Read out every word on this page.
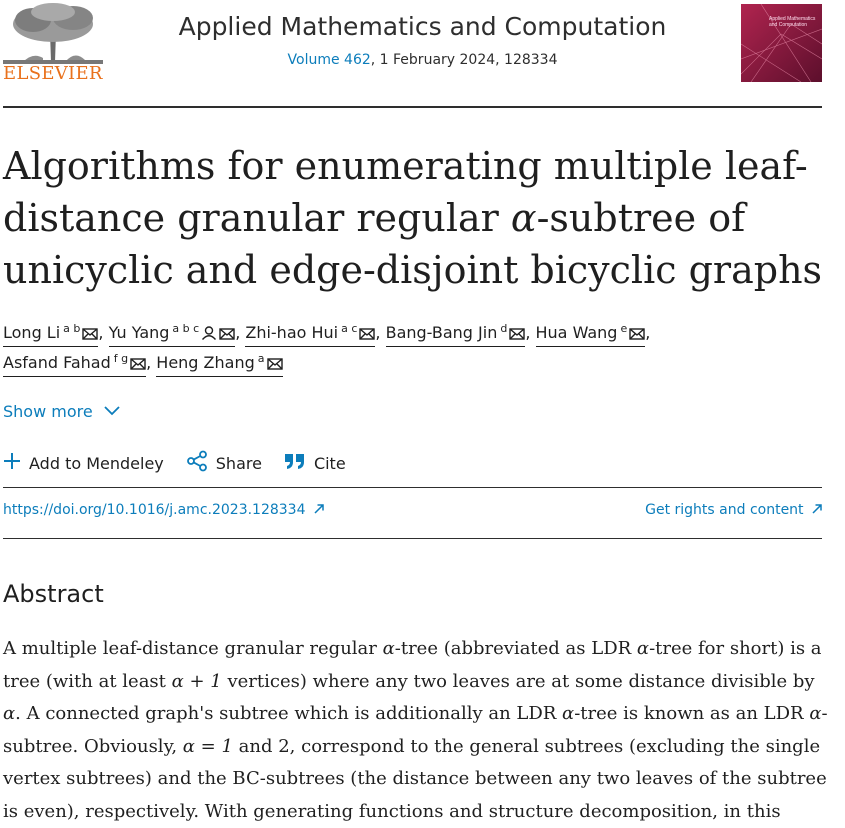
ELSEVIER
Applied Mathematics and Computation
Volume 462, 1 February 2024, 128334
Applied Mathematics and Computation
Algorithms for enumerating multiple leaf-distance granular regular α-subtree of unicyclic and edge-disjoint bicyclic graphs
Long Li $^{a b}$ , Yu Yang $^{a b c}$ , Zhi-hao Hui $^{a c}$ , Bang-Bang Jin $^d$ , Hua Wang $^e$ ,
Asfand Fahad $^{f g}$ , Heng Zhang $^a$
Show more
Add to Mendeley	Share	Cite
https://doi.org/10.1016/j.amc.2023.128334	Get rights and content
Abstract

A multiple leaf-distance granular regular α-tree (abbreviated as LDR α-tree for short) is a tree (with at least α + 1 vertices) where any two leaves are at some distance divisible by α. A connected graph's subtree which is additionally an LDR α-tree is known as an LDR α-subtree. Obviously, α = 1 and 2, correspond to the general subtrees (excluding the single vertex subtrees) and the BC-subtrees (the distance between any two leaves of the subtree is even), respectively. With generating functions and structure decomposition, in this
